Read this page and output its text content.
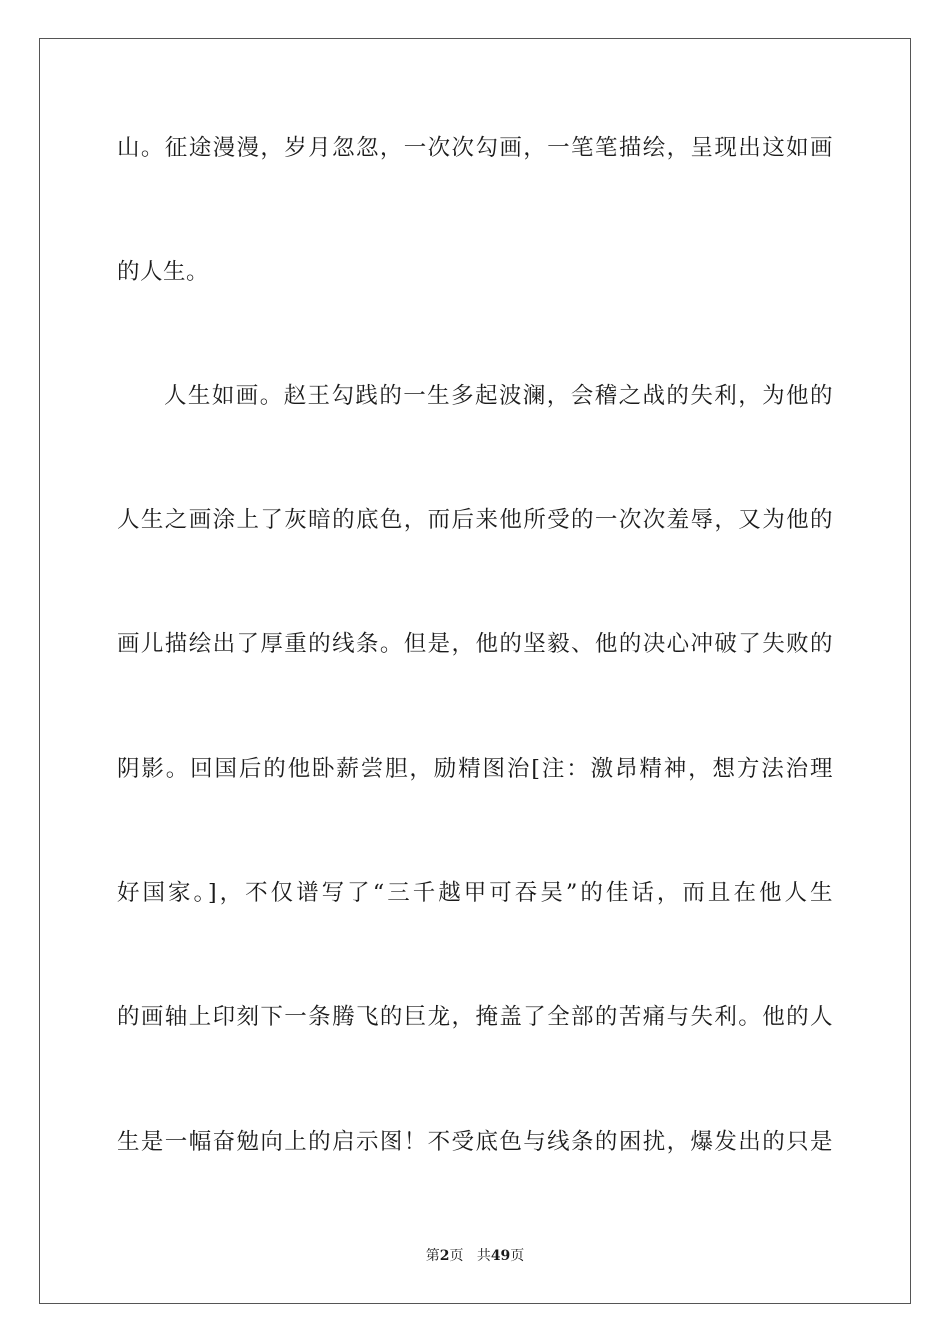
山。征途漫漫，岁月忽忽，一次次勾画，一笔笔描绘，呈现出这如画
的人生。
人生如画。赵王勾践的一生多起波澜，会稽之战的失利，为他的
人生之画涂上了灰暗的底色，而后来他所受的一次次羞辱，又为他的
画儿描绘出了厚重的线条。但是，他的坚毅、他的决心冲破了失败的
阴影。回国后的他卧薪尝胆，励精图治[注：激昂精神，想方法治理
好国家。]，不仅谱写了“三千越甲可吞吴”的佳话，而且在他人生
的画轴上印刻下一条腾飞的巨龙，掩盖了全部的苦痛与失利。他的人
生是一幅奋勉向上的启示图！不受底色与线条的困扰，爆发出的只是
第2页 共49页
